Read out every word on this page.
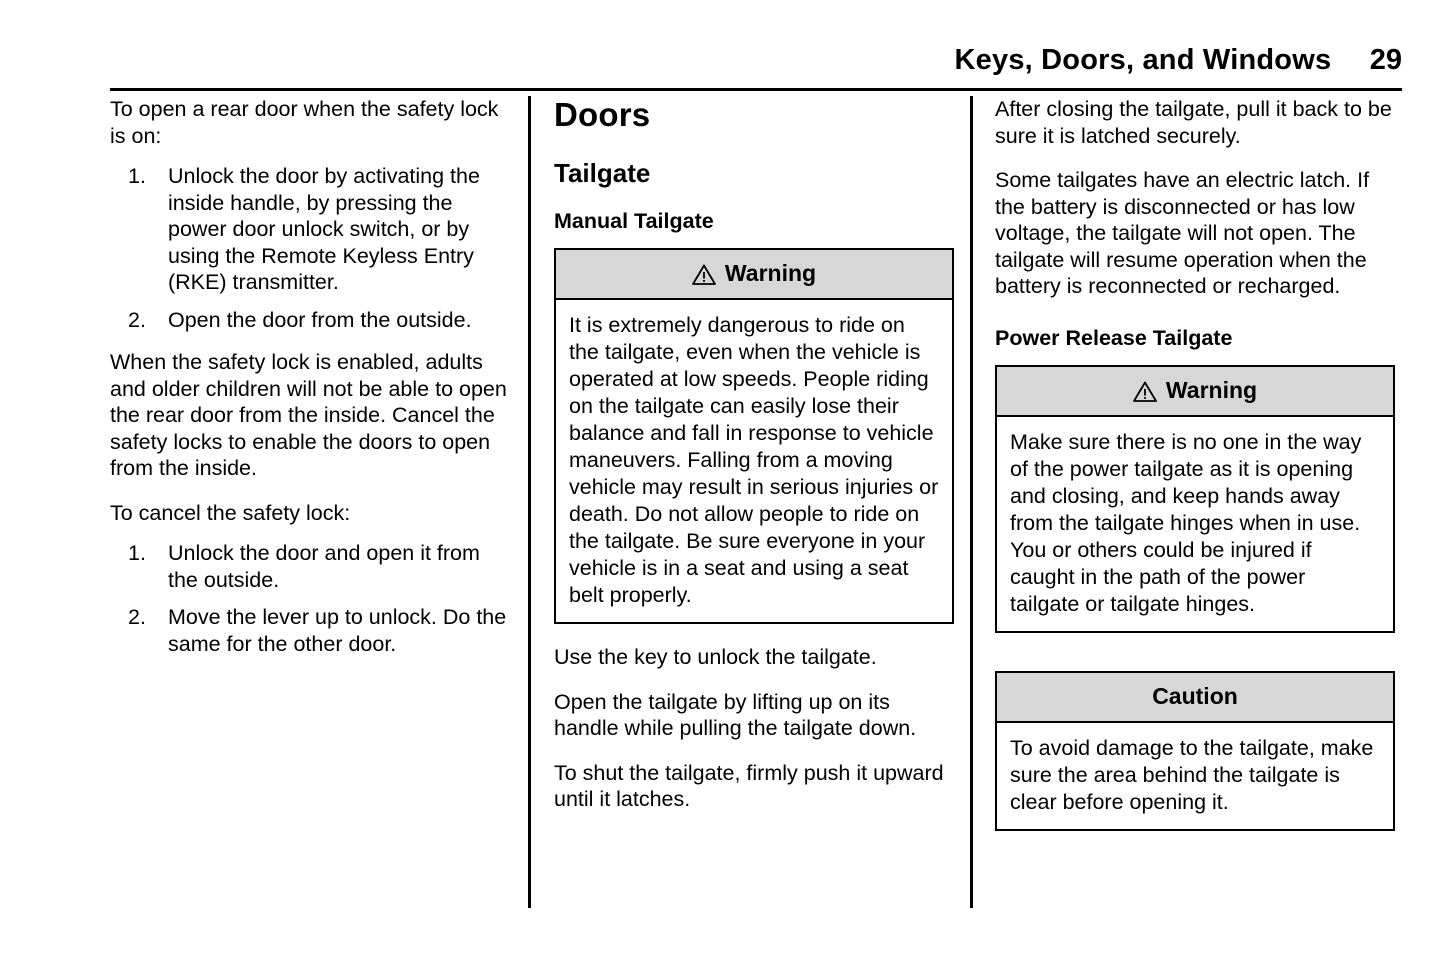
Keys, Doors, and Windows 29

To open a rear door when the safety lock is on:

Unlock the door by activating the inside handle, by pressing the power door unlock switch, or by using the Remote Keyless Entry (RKE) transmitter.
Open the door from the outside.

When the safety lock is enabled, adults and older children will not be able to open the rear door from the inside. Cancel the safety locks to enable the doors to open from the inside.

To cancel the safety lock:

Unlock the door and open it from the outside.
Move the lever up to unlock. Do the same for the other door.
Doors
Tailgate
Manual Tailgate
Warning

It is extremely dangerous to ride on the tailgate, even when the vehicle is operated at low speeds. People riding on the tailgate can easily lose their balance and fall in response to vehicle maneuvers. Falling from a moving vehicle may result in serious injuries or death. Do not allow people to ride on the tailgate. Be sure everyone in your vehicle is in a seat and using a seat belt properly.

Use the key to unlock the tailgate.

Open the tailgate by lifting up on its handle while pulling the tailgate down.

To shut the tailgate, firmly push it upward until it latches.

After closing the tailgate, pull it back to be sure it is latched securely.

Some tailgates have an electric latch. If the battery is disconnected or has low voltage, the tailgate will not open. The tailgate will resume operation when the battery is reconnected or recharged.

Power Release Tailgate
Warning

Make sure there is no one in the way of the power tailgate as it is opening and closing, and keep hands away from the tailgate hinges when in use. You or others could be injured if caught in the path of the power tailgate or tailgate hinges.

Caution

To avoid damage to the tailgate, make sure the area behind the tailgate is clear before opening it.
